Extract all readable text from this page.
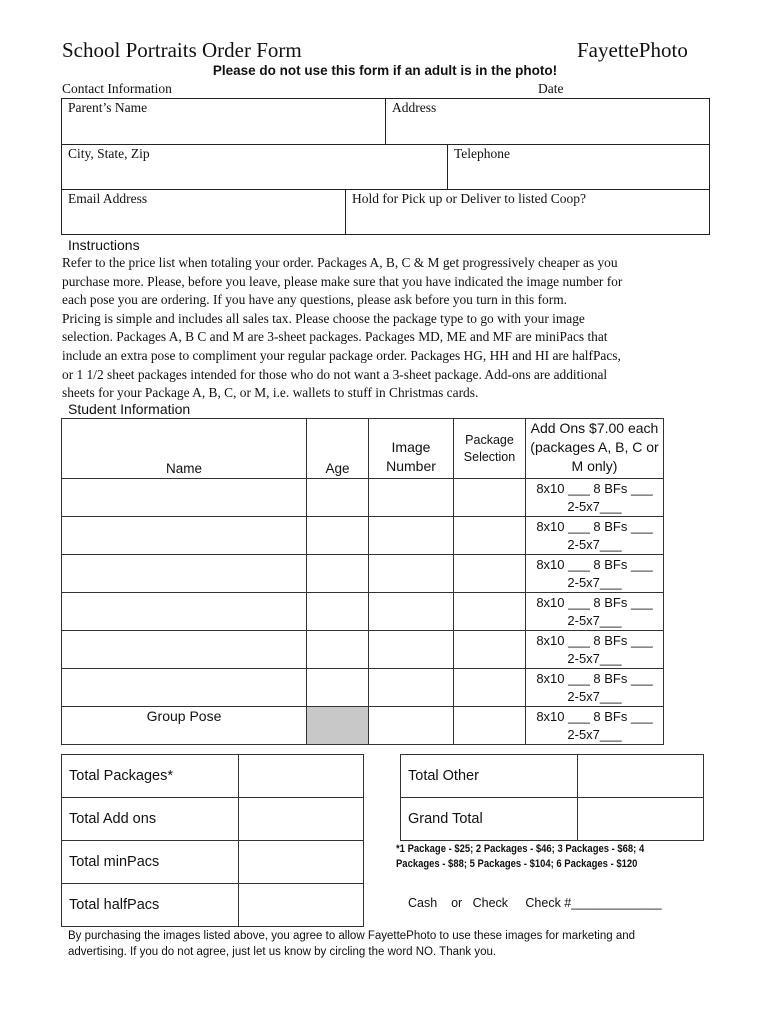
School Portraits Order Form	FayettePhoto
Please do not use this form if an adult is in the photo!
Contact Information	Date
Parent’s Name	Address
City, State, Zip	Telephone
Email Address	Hold for Pick up or Deliver to listed Coop?
Instructions
Refer to the price list when totaling your order. Packages A, B, C & M get progressively cheaper as you
purchase more. Please, before you leave, please make sure that you have indicated the image number for
each pose you are ordering. If you have any questions, please ask before you turn in this form.
Pricing is simple and includes all sales tax. Please choose the package type to go with your image
selection. Packages A, B C and M are 3-sheet packages. Packages MD, ME and MF are miniPacs that
include an extra pose to compliment your regular package order. Packages HG, HH and HI are halfPacs,
or 1 1/2 sheet packages intended for those who do not want a 3-sheet package. Add-ons are additional
sheets for your Package A, B, C, or M, i.e. wallets to stuff in Christmas cards.
Student Information
Name	Age	Image Number	Package Selection	Add Ons $7.00 each (packages A, B, C or M only)

				8x10 ___ 8 BFs ___
2-5x7___

				8x10 ___ 8 BFs ___
2-5x7___

				8x10 ___ 8 BFs ___
2-5x7___

				8x10 ___ 8 BFs ___
2-5x7___

				8x10 ___ 8 BFs ___
2-5x7___

				8x10 ___ 8 BFs ___
2-5x7___

Group Pose				8x10 ___ 8 BFs ___
2-5x7___
Total Packages*	
Total Add ons	
Total minPacs	
Total halfPacs	
Total Other	
Grand Total	
*1 Package - $25; 2 Packages - $46; 3 Packages - $68; 4
Packages - $88; 5 Packages - $104; 6 Packages - $120
Cash    or   Check     Check #_____________
By purchasing the images listed above, you agree to allow FayettePhoto to use these images for marketing and
advertising. If you do not agree, just let us know by circling the word NO. Thank you.
